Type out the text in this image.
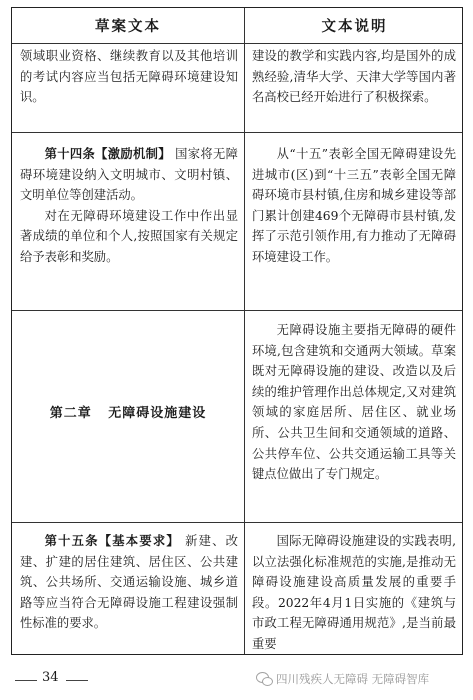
草案文本	文本说明

领域职业资格、继续教育以及其他培训的考试内容应当包括无障碍环境建设知识。

建设的教学和实践内容,均是国外的成熟经验,清华大学、天津大学等国内著名高校已经开始进行了积极探索。

第十四条【激励机制】 国家将无障碍环境建设纳入文明城市、文明村镇、文明单位等创建活动。

对在无障碍环境建设工作中作出显著成绩的单位和个人,按照国家有关规定给予表彰和奖励。

从“十五”表彰全国无障碍建设先进城市(区)到“十三五”表彰全国无障碍环境市县村镇,住房和城乡建设等部门累计创建469个无障碍市县村镇,发挥了示范引领作用,有力推动了无障碍环境建设工作。

第二章   无障碍设施建设

无障碍设施主要指无障碍的硬件环境,包含建筑和交通两大领域。草案既对无障碍设施的建设、改造以及后续的维护管理作出总体规定,又对建筑领域的家庭居所、居住区、就业场所、公共卫生间和交通领域的道路、公共停车位、公共交通运输工具等关键点位做出了专门规定。

第十五条【基本要求】 新建、改建、扩建的居住建筑、居住区、公共建筑、公共场所、交通运输设施、城乡道路等应当符合无障碍设施工程建设强制性标准的要求。

国际无障碍设施建设的实践表明,以立法强化标准规范的实施,是推动无障碍设施建设高质量发展的重要手段。2022年4月1日实施的《建筑与市政工程无障碍通用规范》,是当前最重要

34	四川残疾人无障碍 无障碍智库
